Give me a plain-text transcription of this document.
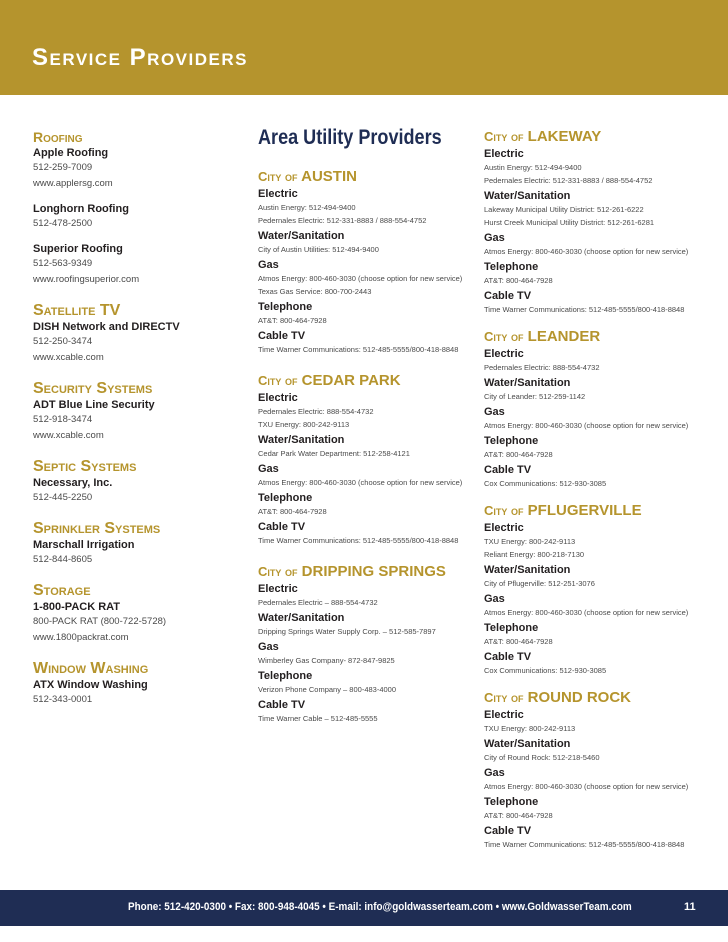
Service Providers
Roofing
Apple Roofing
512-259-7009
www.applersg.com
Longhorn Roofing
512-478-2500
Superior Roofing
512-563-9349
www.roofingsuperior.com
Satellite TV
DISH Network and DIRECTV
512-250-3474
www.xcable.com
Security Systems
ADT Blue Line Security
512-918-3474
www.xcable.com
Septic Systems
Necessary, Inc.
512-445-2250
Sprinkler Systems
Marschall Irrigation
512-844-8605
Storage
1-800-PACK RAT
800-PACK RAT (800-722-5728)
www.1800packrat.com
Window Washing
ATX Window Washing
512-343-0001
Area Utility Providers
City of AUSTIN
Electric
Austin Energy: 512-494-9400
Pedernales Electric: 512-331-8883 / 888-554-4752
Water/Sanitation
City of Austin Utilities: 512-494-9400
Gas
Atmos Energy: 800-460-3030 (choose option for new service)
Texas Gas Service: 800-700-2443
Telephone
AT&T: 800-464-7928
Cable TV
Time Warner Communications: 512-485-5555/800-418-8848
City of CEDAR PARK
Electric
Pedernales Electric: 888-554-4732
TXU Energy: 800-242-9113
Water/Sanitation
Cedar Park Water Department: 512-258-4121
Gas
Atmos Energy: 800-460-3030 (choose option for new service)
Telephone
AT&T: 800-464-7928
Cable TV
Time Warner Communications: 512-485-5555/800-418-8848
City of DRIPPING SPRINGS
Electric
Pedernales Electric – 888-554-4732
Water/Sanitation
Dripping Springs Water Supply Corp. – 512-585-7897
Gas
Wimberley Gas Company- 872-847-9825
Telephone
Verizon Phone Company – 800-483-4000
Cable TV
Time Warner Cable – 512-485-5555
City of LAKEWAY
Electric
Austin Energy: 512-494-9400
Pedernales Electric: 512-331-8883 / 888-554-4752
Water/Sanitation
Lakeway Municipal Utility District: 512-261-6222
Hurst Creek Municipal Utility District: 512-261-6281
Gas
Atmos Energy: 800-460-3030 (choose option for new service)
Telephone
AT&T: 800-464-7928
Cable TV
Time Warner Communications: 512-485-5555/800-418-8848
City of LEANDER
Electric
Pedernales Electric: 888-554-4732
Water/Sanitation
City of Leander: 512-259-1142
Gas
Atmos Energy: 800-460-3030 (choose option for new service)
Telephone
AT&T: 800-464-7928
Cable TV
Cox Communications: 512-930-3085
City of PFLUGERVILLE
Electric
TXU Energy: 800-242-9113
Reliant Energy: 800-218-7130
Water/Sanitation
City of Pflugerville: 512-251-3076
Gas
Atmos Energy: 800-460-3030 (choose option for new service)
Telephone
AT&T: 800-464-7928
Cable TV
Cox Communications: 512-930-3085
City of ROUND ROCK
Electric
TXU Energy: 800-242-9113
Water/Sanitation
City of Round Rock: 512-218-5460
Gas
Atmos Energy: 800-460-3030 (choose option for new service)
Telephone
AT&T: 800-464-7928
Cable TV
Time Warner Communications: 512-485-5555/800-418-8848
Phone: 512-420-0300 • Fax: 800-948-4045 • E-mail: info@goldwasserteam.com • www.GoldwasserTeam.com	11
